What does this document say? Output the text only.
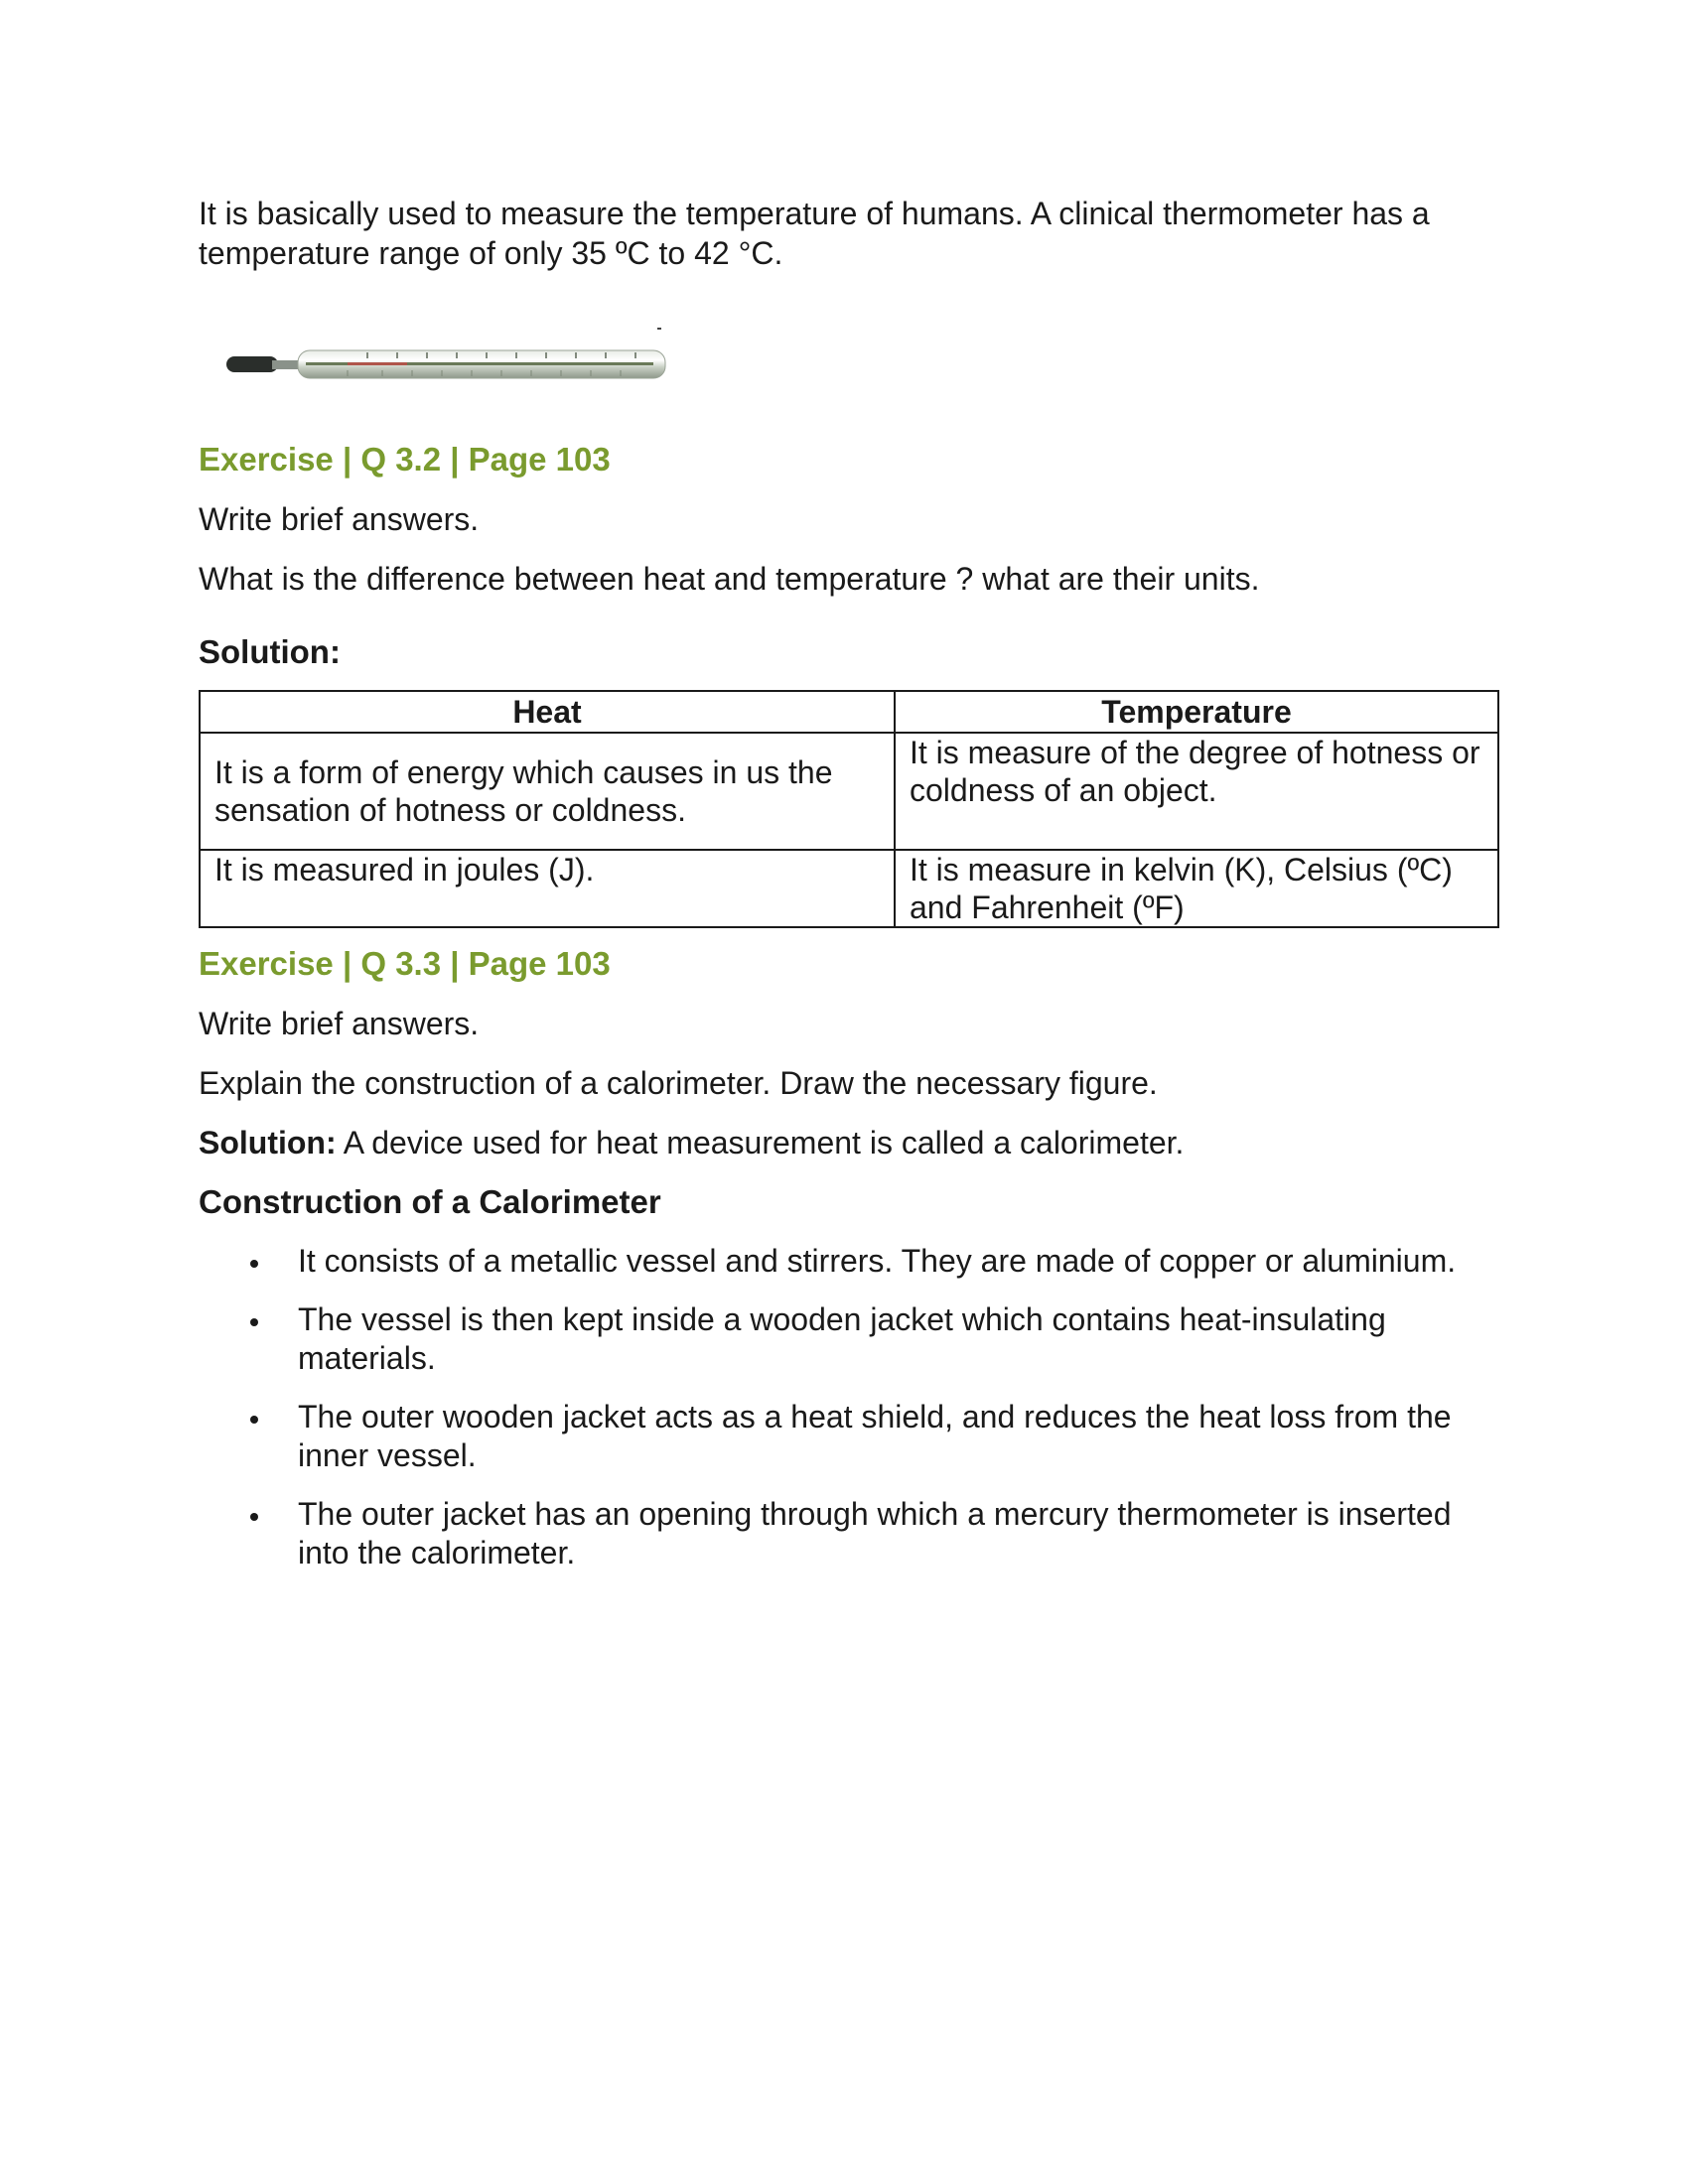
It is basically used to measure the temperature of humans. A clinical thermometer has a temperature range of only 35 ºC to 42 °C.

Exercise | Q 3.2 | Page 103

Write brief answers.

What is the difference between heat and temperature ? what are their units.

Solution:

Heat	Temperature
It is a form of energy which causes in us the sensation of hotness or coldness.	It is measure of the degree of hotness or coldness of an object.
It is measured in joules (J).	It is measure in kelvin (K), Celsius (ºC) and Fahrenheit (ºF)

Exercise | Q 3.3 | Page 103

Write brief answers.

Explain the construction of a calorimeter. Draw the necessary figure.

Solution: A device used for heat measurement is called a calorimeter.

Construction of a Calorimeter

It consists of a metallic vessel and stirrers. They are made of copper or aluminium.
The vessel is then kept inside a wooden jacket which contains heat-insulating materials.
The outer wooden jacket acts as a heat shield, and reduces the heat loss from the inner vessel.
The outer jacket has an opening through which a mercury thermometer is inserted into the calorimeter.
